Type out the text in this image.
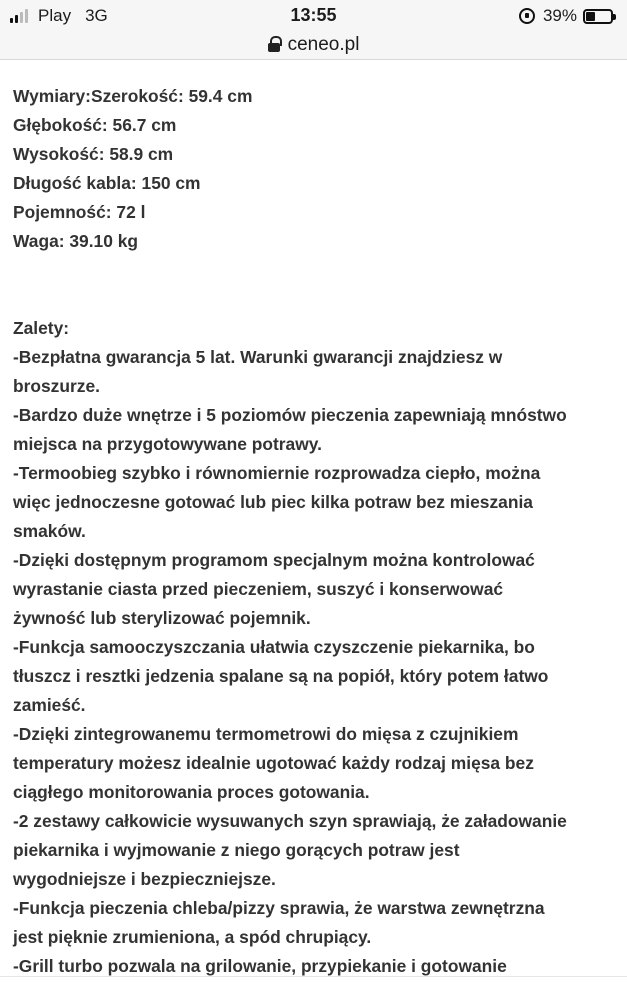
Play 3G	13:55	39%
ceneo.pl
Wymiary:Szerokość: 59.4 cm
Głębokość: 56.7 cm
Wysokość: 58.9 cm
Długość kabla: 150 cm
Pojemność: 72 l
Waga: 39.10 kg
Zalety:
-Bezpłatna gwarancja 5 lat. Warunki gwarancji znajdziesz w
broszurze.
-Bardzo duże wnętrze i 5 poziomów pieczenia zapewniają mnóstwo
miejsca na przygotowywane potrawy.
-Termoobieg szybko i równomiernie rozprowadza ciepło, można
więc jednoczesne gotować lub piec kilka potraw bez mieszania
smaków.
-Dzięki dostępnym programom specjalnym można kontrolować
wyrastanie ciasta przed pieczeniem, suszyć i konserwować
żywność lub sterylizować pojemnik.
-Funkcja samooczyszczania ułatwia czyszczenie piekarnika, bo
tłuszcz i resztki jedzenia spalane są na popiół, który potem łatwo
zamieść.
-Dzięki zintegrowanemu termometrowi do mięsa z czujnikiem
temperatury możesz idealnie ugotować każdy rodzaj mięsa bez
ciągłego monitorowania proces gotowania.
-2 zestawy całkowicie wysuwanych szyn sprawiają, że załadowanie
piekarnika i wyjmowanie z niego gorących potraw jest
wygodniejsze i bezpieczniejsze.
-Funkcja pieczenia chleba/pizzy sprawia, że warstwa zewnętrzna
jest pięknie zrumieniona, a spód chrupiący.
-Grill turbo pozwala na grilowanie, przypiekanie i gotowanie
